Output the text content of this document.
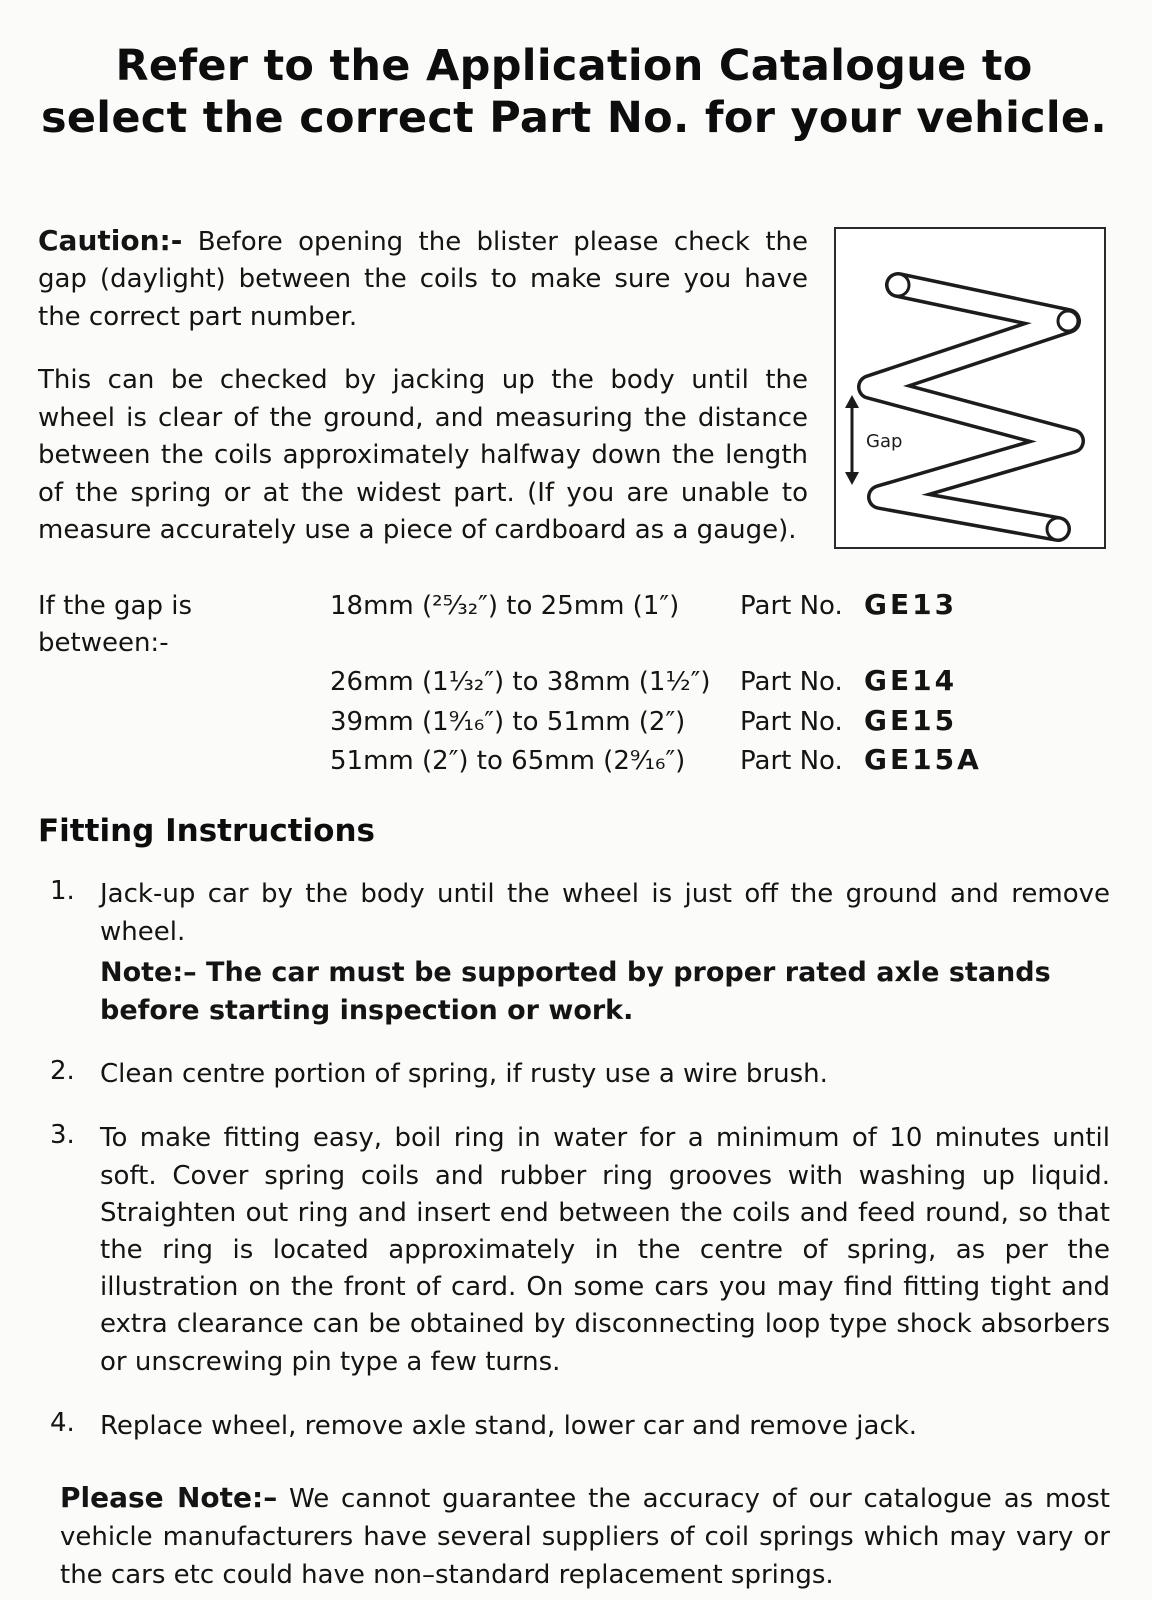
Refer to the Application Catalogue to
select the correct Part No. for your vehicle.

Caution:- Before opening the blister please check the gap (daylight) between the coils to make sure you have the correct part number.

This can be checked by jacking up the body until the wheel is clear of the ground, and measuring the distance between the coils approximately halfway down the length of the spring or at the widest part. (If you are unable to measure accurately use a piece of cardboard as a gauge).

Gap
If the gap is between:-
18mm (²⁵⁄₃₂″) to 25mm (1″)	Part No. GE13
26mm (1¹⁄₃₂″) to 38mm (1¹⁄₂″)	Part No. GE14
39mm (1⁹⁄₁₆″) to 51mm (2″)	Part No. GE15
51mm (2″) to 65mm (2⁹⁄₁₆″)	Part No. GE15A
Fitting Instructions
1. Jack-up car by the body until the wheel is just off the ground and remove wheel.
Note:– The car must be supported by proper rated axle stands before starting inspection or work.
2. Clean centre portion of spring, if rusty use a wire brush.
3. To make fitting easy, boil ring in water for a minimum of 10 minutes until soft. Cover spring coils and rubber ring grooves with washing up liquid. Straighten out ring and insert end between the coils and feed round, so that the ring is located approximately in the centre of spring, as per the illustration on the front of card. On some cars you may find fitting tight and extra clearance can be obtained by disconnecting loop type shock absorbers or unscrewing pin type a few turns.
4. Replace wheel, remove axle stand, lower car and remove jack.

Please Note:– We cannot guarantee the accuracy of our catalogue as most vehicle manufacturers have several suppliers of coil springs which may vary or the cars etc could have non–standard replacement springs.
